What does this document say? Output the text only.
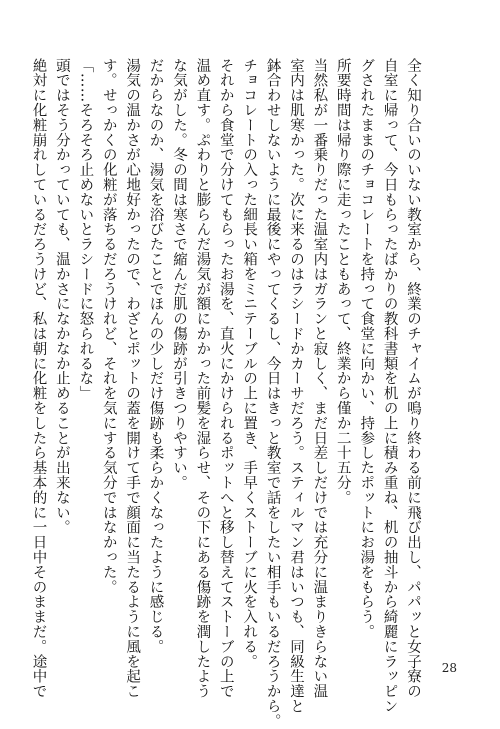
全く知り合いのいない教室から、終業のチャイムが鳴り終わる前に飛び出し、パパッと女子寮の
自室に帰って、今日もらったばかりの教科書類を机の上に積み重ね、机の抽斗から綺麗にラッピン
グされたままのチョコレートを持って食堂に向かい、持参したポットにお湯をもらう。
所要時間は帰り際に走ったこともあって、終業から僅か二十五分。
当然私が一番乗りだった温室内はガランと寂しく、まだ日差しだけでは充分に温まりきらない温
室内は肌寒かった。次に来るのはラシードかカーサだろう。スティルマン君はいつも、同級生達と
鉢合わせしないように最後にやってくるし、今日はきっと教室で話をしたい相手もいるだろうから。
チョコレートの入った細長い箱をミニテーブルの上に置き、手早くストーブに火を入れる。
それから食堂で分けてもらったお湯を、直火にかけられるポットへと移し替えてストーブの上で
温め直す。ぷわりと膨らんだ湯気が額にかかった前髪を湿らせ、その下にある傷跡を潤したよう
な気がした。冬の間は寒さで縮んだ肌の傷跡が引きつりやすい。
だからなのか、湯気を浴びたことでほんの少しだけ傷跡も柔らかくなったように感じる。
湯気の温かさが心地好かったので、わざとポットの蓋を開けて手で顔面に当たるように風を起こ
す。せっかくの化粧が落ちるだろうけれど、それを気にする気分ではなかった。
「……そろそろ止めないとラシードに怒られるな」
頭ではそう分かっていても、温かさになかなか止めることが出来ない。
絶対に化粧崩れしているだろうけど、私は朝に化粧をしたら基本的に一日中そのままだ。途中で	28
